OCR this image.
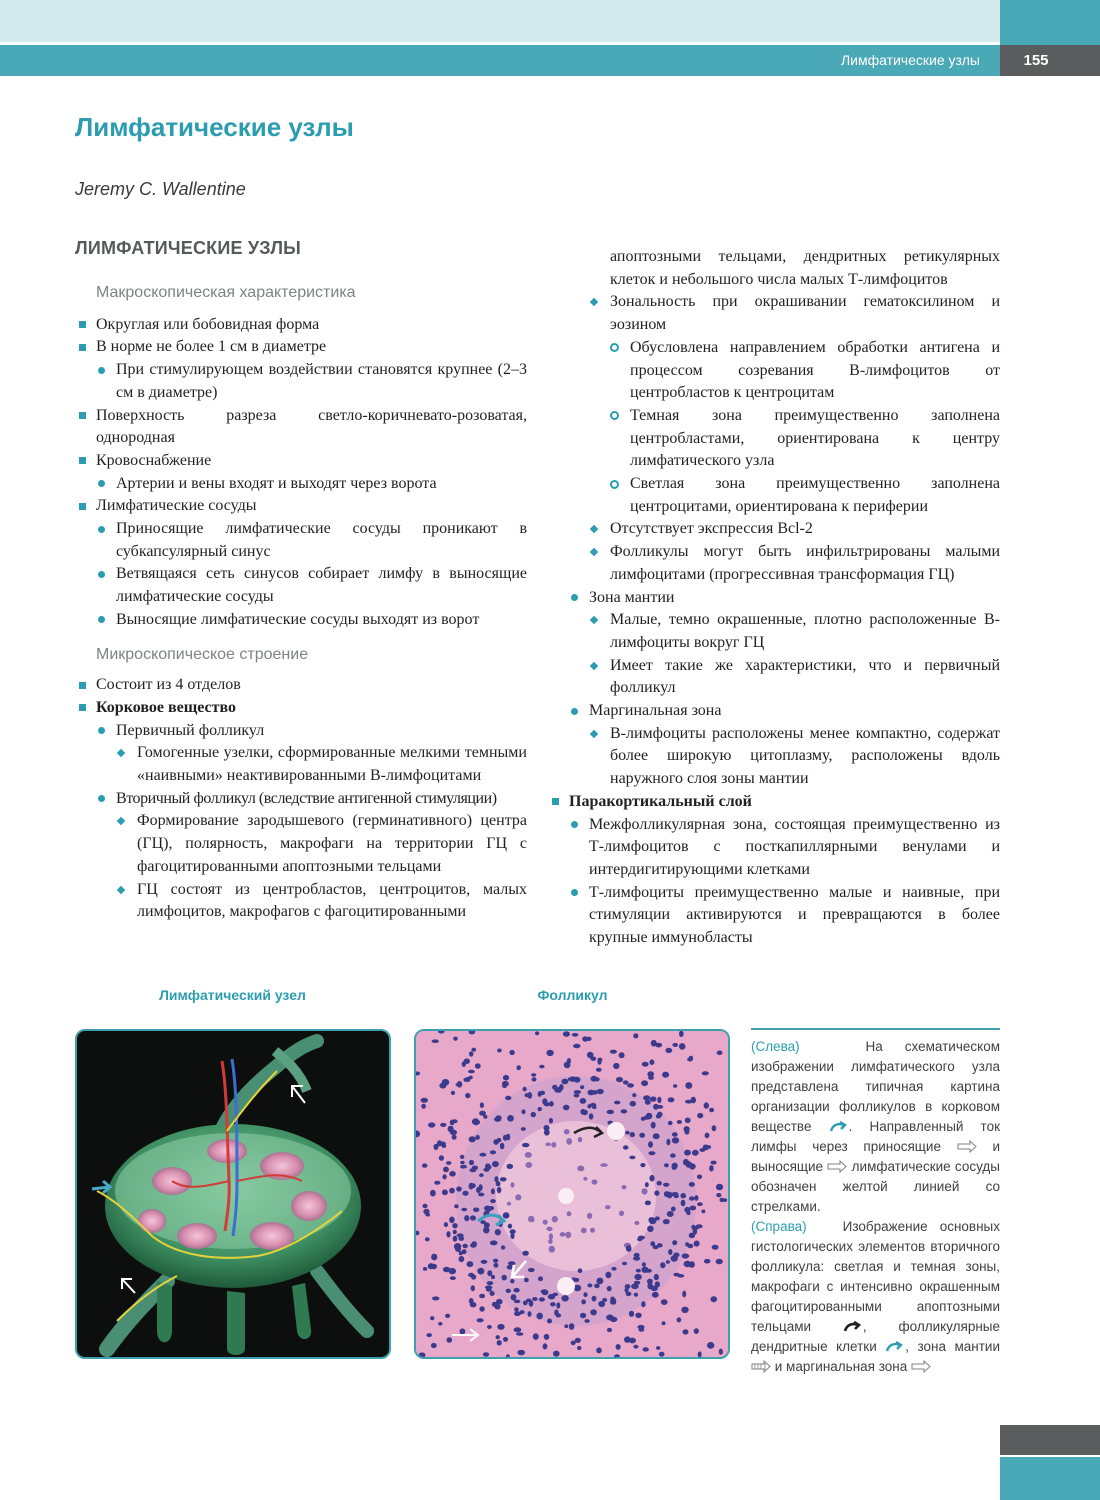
Лимфатические узлы	155
Лимфатические узлы
Jeremy C. Wallentine
ЛИМФАТИЧЕСКИЕ УЗЛЫ
Макроскопическая характеристика
Округлая или бобовидная форма
В норме не более 1 см в диаметре
При стимулирующем воздействии становятся крупнее (2–3 см в диаметре)
Поверхность разреза светло-коричневато-розоватая, однородная
Кровоснабжение
Артерии и вены входят и выходят через ворота
Лимфатические сосуды
Приносящие лимфатические сосуды проникают в субкапсулярный синус
Ветвящаяся сеть синусов собирает лимфу в выносящие лимфатические сосуды
Выносящие лимфатические сосуды выходят из ворот
Микроскопическое строение
Состоит из 4 отделов
Корковое вещество
Первичный фолликул
Гомогенные узелки, сформированные мелкими темными «наивными» неактивированными В-лимфоцитами
Вторичный фолликул (вследствие антигенной стимуляции)
Формирование зародышевого (герминативного) центра (ГЦ), полярность, макрофаги на территории ГЦ с фагоцитированными апоптозными тельцами
ГЦ состоят из центробластов, центроцитов, малых лимфоцитов, макрофагов с фагоцитированными
апоптозными тельцами, дендритных ретикулярных клеток и небольшого числа малых Т-лимфоцитов
Зональность при окрашивании гематоксилином и эозином
Обусловлена направлением обработки антигена и процессом созревания В-лимфоцитов от центробластов к центроцитам
Темная зона преимущественно заполнена центробластами, ориентирована к центру лимфатического узла
Светлая зона преимущественно заполнена центроцитами, ориентирована к периферии
Отсутствует экспрессия Bcl-2
Фолликулы могут быть инфильтрированы малыми лимфоцитами (прогрессивная трансформация ГЦ)
Зона мантии
Малые, темно окрашенные, плотно расположенные В-лимфоциты вокруг ГЦ
Имеет такие же характеристики, что и первичный фолликул
Маргинальная зона
В-лимфоциты расположены менее компактно, содержат более широкую цитоплазму, расположены вдоль наружного слоя зоны мантии
Паракортикальный слой
Межфолликулярная зона, состоящая преимущественно из Т-лимфоцитов с посткапиллярными венулами и интердигитирующими клетками
Т-лимфоциты преимущественно малые и наивные, при стимуляции активируются и превращаются в более крупные иммунобласты
Лимфатический узел	Фолликул
(Слева)	На схематическом изображении лимфатического узла представлена типичная картина организации фолликулов в корковом веществе	. Направленный ток лимфы через приносящие	и выносящие лимфатические сосуды обозначен желтой линией со стрелками.
(Справа)	Изображение основных гистологических элементов вторичного фолликула: светлая и темная зоны, макрофаги с интенсивно окрашенным фагоцитированными апоптозными тельцами	, фолликулярные дендритные клетки , зона мантии  и маргинальная зона
